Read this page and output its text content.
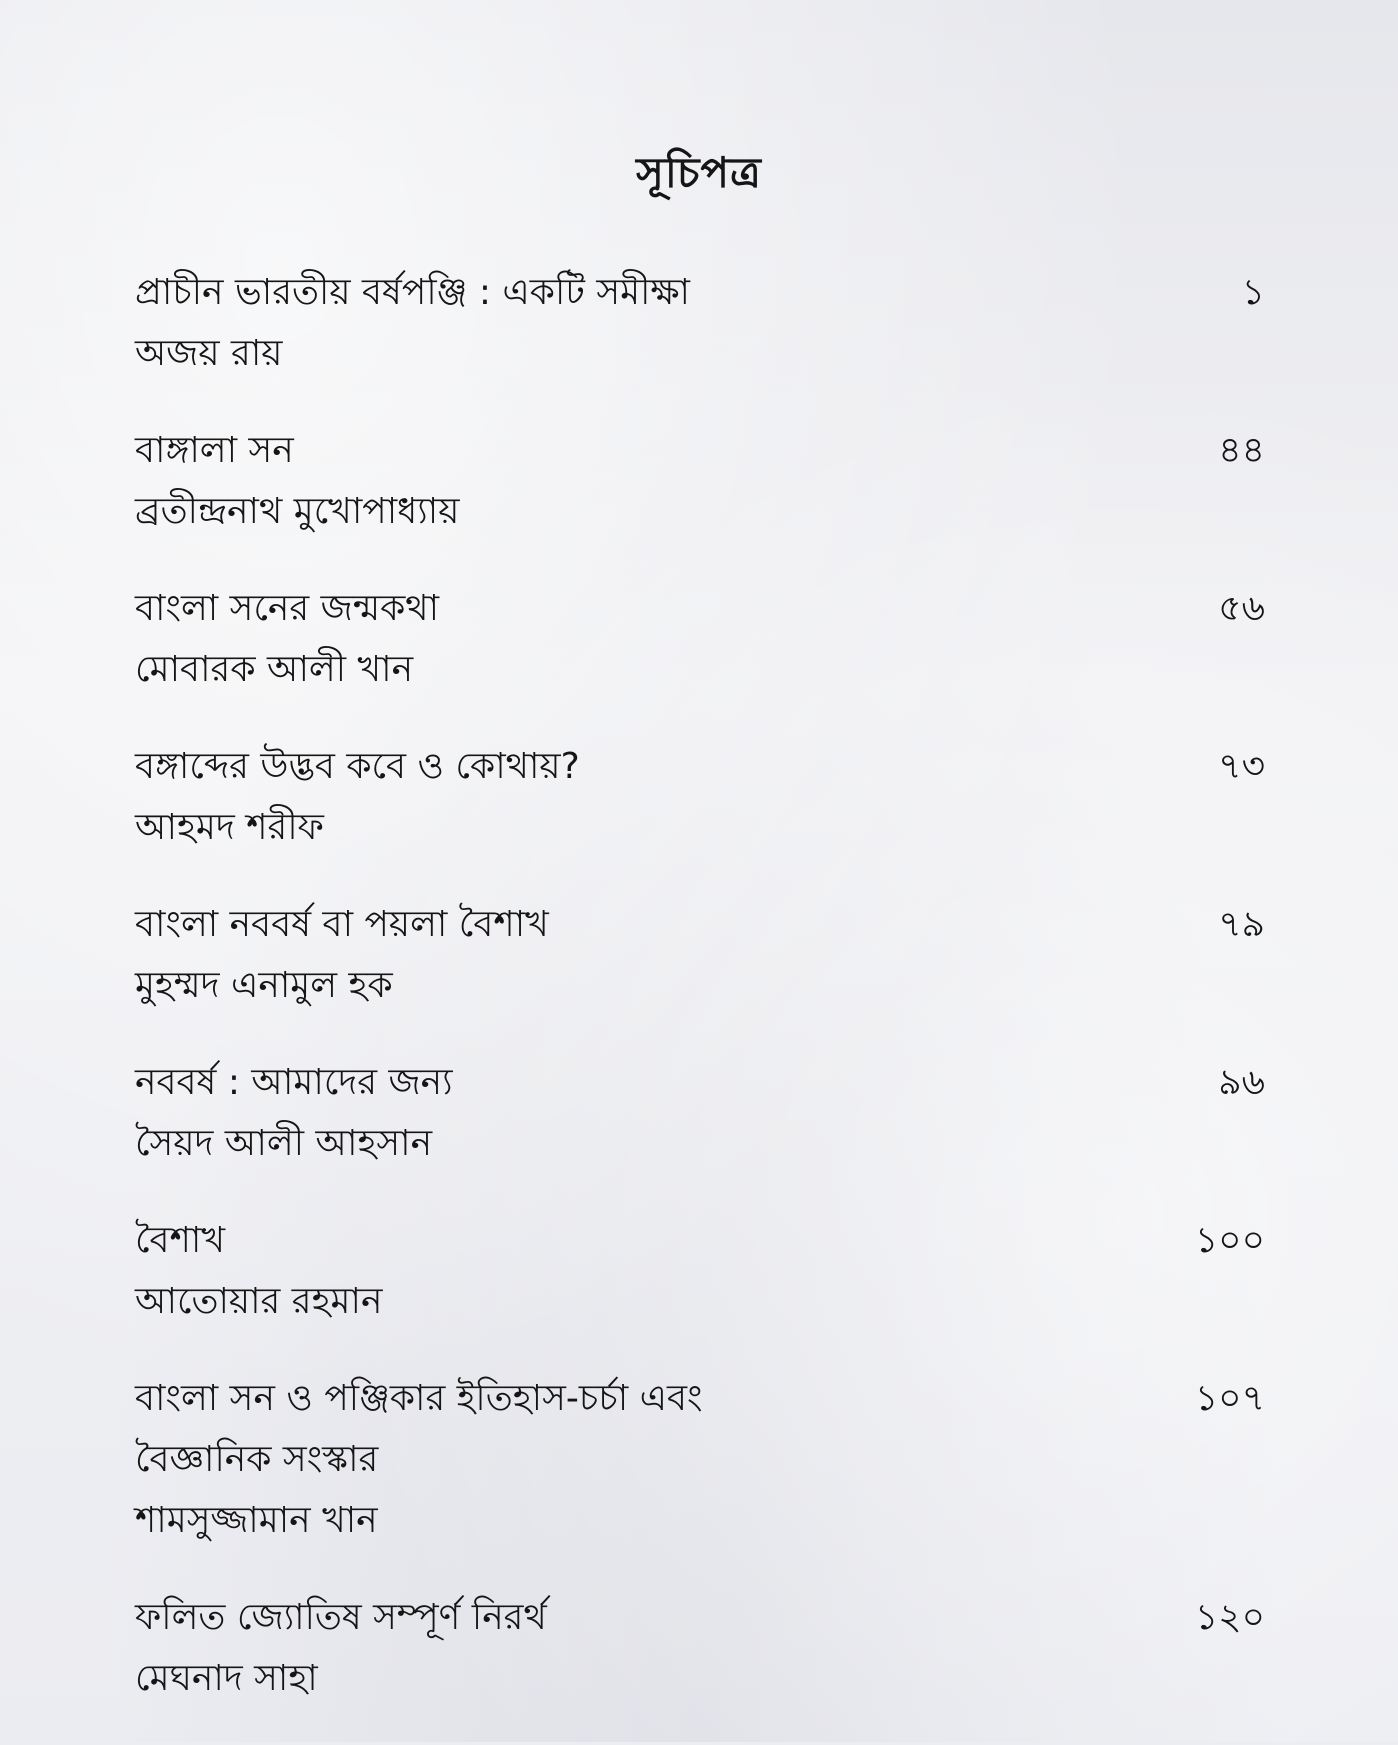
সূচিপত্র
প্রাচীন ভারতীয় বর্ষপঞ্জি : একটি সমীক্ষা
অজয় রায়
১
বাঙ্গালা সন
ব্রতীন্দ্রনাথ মুখোপাধ্যায়
৪৪
বাংলা সনের জন্মকথা
মোবারক আলী খান
৫৬
বঙ্গাব্দের উদ্ভব কবে ও কোথায়?
আহমদ শরীফ
৭৩
বাংলা নববর্ষ বা পয়লা বৈশাখ
মুহম্মদ এনামুল হক
৭৯
নববর্ষ : আমাদের জন্য
সৈয়দ আলী আহসান
৯৬
বৈশাখ
আতোয়ার রহমান
১০০
বাংলা সন ও পঞ্জিকার ইতিহাস-চর্চা এবং
বৈজ্ঞানিক সংস্কার
শামসুজ্জামান খান
১০৭
ফলিত জ্যোতিষ সম্পূর্ণ নিরর্থ
মেঘনাদ সাহা
১২০
